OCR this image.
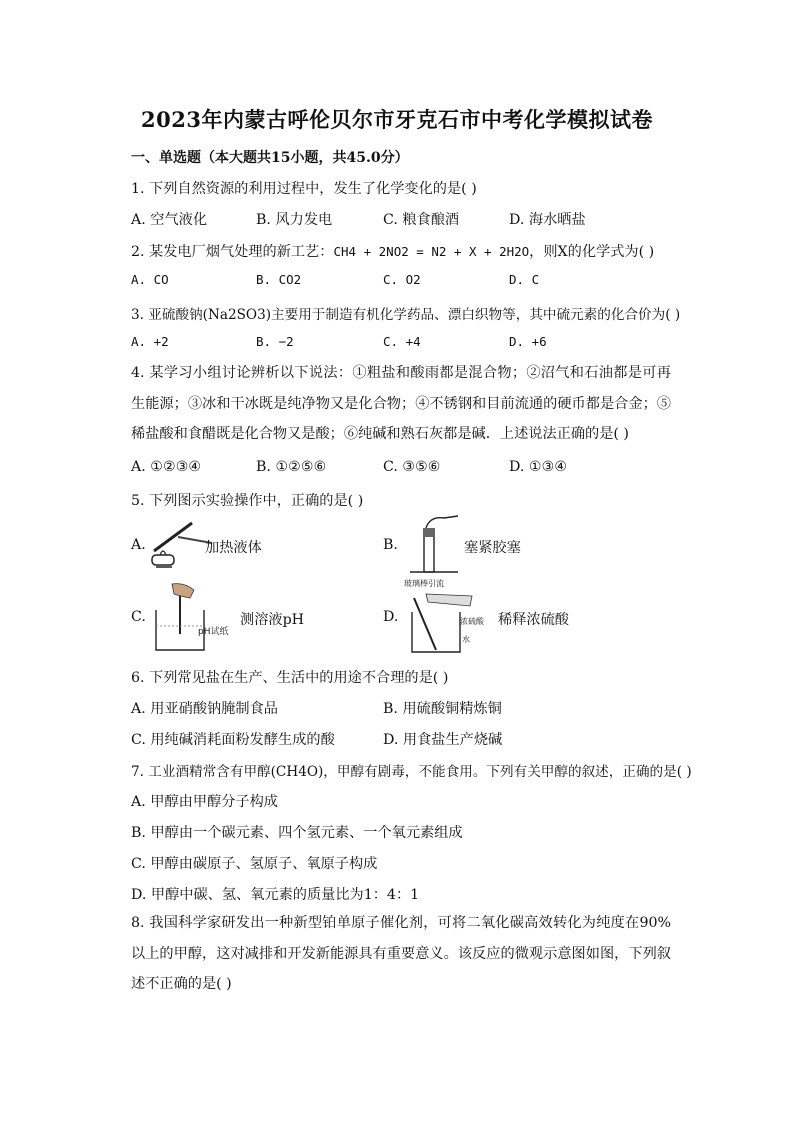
2023年内蒙古呼伦贝尔市牙克石市中考化学模拟试卷
一、单选题（本大题共15小题，共45.0分）
1. 下列自然资源的利用过程中，发生了化学变化的是( )
A. 空气液化	B. 风力发电	C. 粮食酿酒	D. 海水晒盐
2. 某发电厂烟气处理的新工艺：CH4 + 2NO2 = N2 + X + 2H2O，则X的化学式为( )
A. CO	B. CO2	C. O2	D. C
3. 亚硫酸钠(Na2SO3)主要用于制造有机化学药品、漂白织物等，其中硫元素的化合价为( )
A. +2	B. −2	C. +4	D. +6
4. 某学习小组讨论辨析以下说法：①粗盐和酸雨都是混合物；②沼气和石油都是可再生能源；③冰和干冰既是纯净物又是化合物；④不锈钢和目前流通的硬币都是合金；⑤稀盐酸和食醋既是化合物又是酸；⑥纯碱和熟石灰都是碱．上述说法正确的是( )
A. ①②③④	B. ①②⑤⑥	C. ③⑤⑥	D. ①③④
5. 下列图示实验操作中，正确的是( )
A.	加热液体	B.	塞紧胶塞
C.
pH试纸
测溶液pH	D.
玻璃棒引流
浓硫酸
水
稀释浓硫酸
6. 下列常见盐在生产、生活中的用途不合理的是( )
A. 用亚硝酸钠腌制食品	B. 用硫酸铜精炼铜
C. 用纯碱消耗面粉发酵生成的酸	D. 用食盐生产烧碱
7. 工业酒精常含有甲醇(CH4O)，甲醇有剧毒，不能食用。下列有关甲醇的叙述，正确的是( )
A. 甲醇由甲醇分子构成
B. 甲醇由一个碳元素、四个氢元素、一个氧元素组成
C. 甲醇由碳原子、氢原子、氧原子构成
D. 甲醇中碳、氢、氧元素的质量比为1：4：1
8. 我国科学家研发出一种新型铂单原子催化剂，可将二氧化碳高效转化为纯度在90%以上的甲醇，这对减排和开发新能源具有重要意义。该反应的微观示意图如图，下列叙述不正确的是( )
